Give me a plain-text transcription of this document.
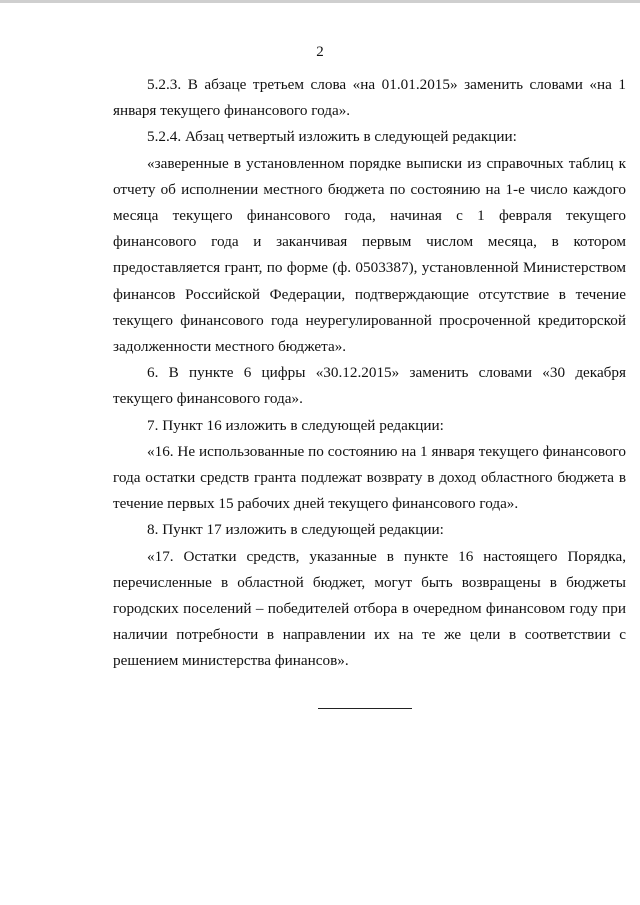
2

5.2.3. В абзаце третьем слова «на 01.01.2015» заменить словами «на 1 января текущего финансового года».

5.2.4. Абзац четвертый изложить в следующей редакции:

«заверенные в установленном порядке выписки из справочных таблиц к отчету об исполнении местного бюджета по состоянию на 1-е число каждого месяца текущего финансового года, начиная с 1 февраля текущего финансового года и заканчивая первым числом месяца, в котором предоставляется грант, по форме (ф. 0503387), установленной Министерством финансов Российской Федерации, подтверждающие отсутствие в течение текущего финансового года неурегулированной просроченной кредиторской задолженности местного бюджета».

6. В пункте 6 цифры «30.12.2015» заменить словами «30 декабря текущего финансового года».

7. Пункт 16 изложить в следующей редакции:

«16. Не использованные по состоянию на 1 января текущего финансового года остатки средств гранта подлежат возврату в доход областного бюджета в течение первых 15 рабочих дней текущего финансового года».

8. Пункт 17 изложить в следующей редакции:

«17. Остатки средств, указанные в пункте 16 настоящего Порядка, перечисленные в областной бюджет, могут быть возвращены в бюджеты городских поселений – победителей отбора в очередном финансовом году при наличии потребности в направлении их на те же цели в соответствии с решением министерства финансов».
